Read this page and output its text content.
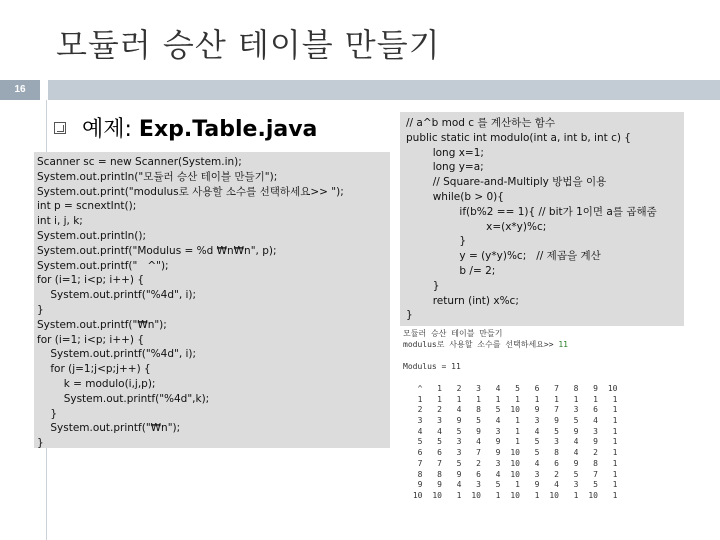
모듈러 승산 테이블 만들기
16
예제: Exp.Table.java
Scanner sc = new Scanner(System.in);
System.out.println("모듈러 승산 테이블 만들기");
System.out.print("modulus로 사용할 소수를 선택하세요>> ");
int p = scnextInt();
int i, j, k;
System.out.println();
System.out.printf("Modulus = %d ₩n₩n", p);
System.out.printf("   ^");
for (i=1; i<p; i++) {
System.out.printf("%4d", i);
}
System.out.printf("₩n");
for (i=1; i<p; i++) {
System.out.printf("%4d", i);
for (j=1;j<p;j++) {
k = modulo(i,j,p);
System.out.printf("%4d",k);
}
System.out.printf("₩n");
}
// a^b mod c 를 계산하는 함수
public static int modulo(int a, int b, int c) {
long x=1;
long y=a;
// Square-and-Multiply 방법을 이용
while(b > 0){
if(b%2 == 1){ // bit가 1이면 a를 곱해줌
x=(x*y)%c;
}
y = (y*y)%c;   // 제곱을 계산
b /= 2;
}
return (int) x%c;
}
모듈러 승산 테이블 만들기
modulus로 사용할 소수를 선택하세요>> 11
Modulus = 11
^	1	2	3	4	5	6	7	8	9	10
1	1	1	1	1	1	1	1	1	1	1
2	2	4	8	5	10	9	7	3	6	1
3	3	9	5	4	1	3	9	5	4	1
4	4	5	9	3	1	4	5	9	3	1
5	5	3	4	9	1	5	3	4	9	1
6	6	3	7	9	10	5	8	4	2	1
7	7	5	2	3	10	4	6	9	8	1
8	8	9	6	4	10	3	2	5	7	1
9	9	4	3	5	1	9	4	3	5	1
10	10	1	10	1	10	1	10	1	10	1
